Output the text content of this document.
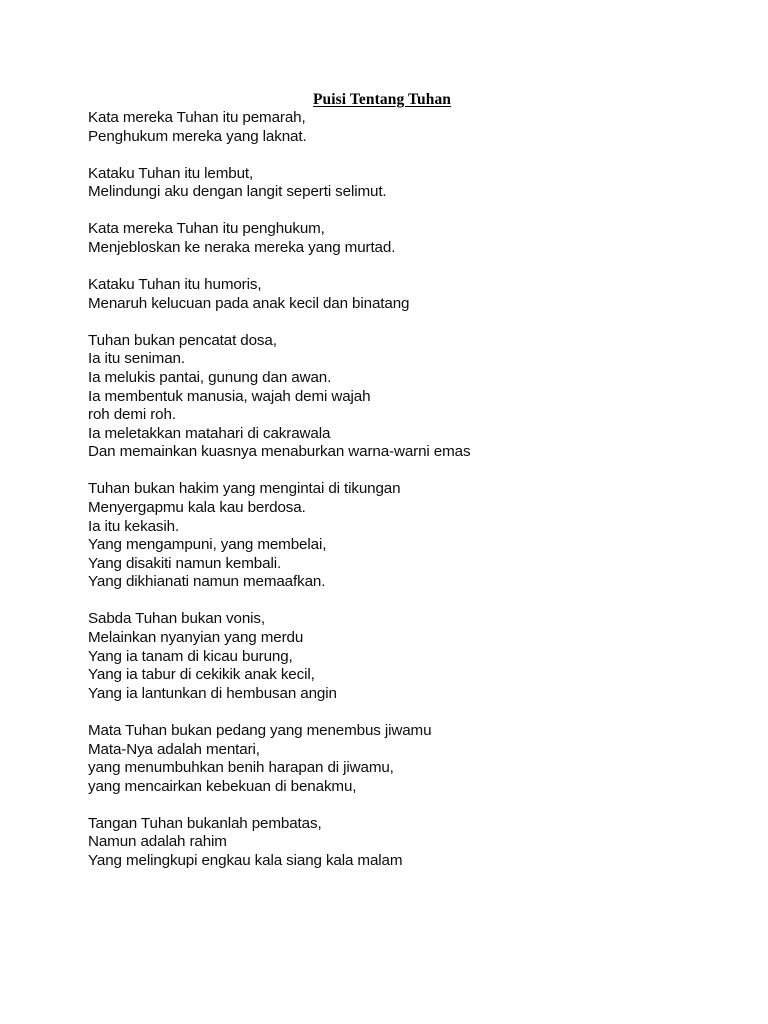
Puisi Tentang Tuhan
Kata mereka Tuhan itu pemarah,
Penghukum mereka yang laknat.
Kataku Tuhan itu lembut,
Melindungi aku dengan langit seperti selimut.
Kata mereka Tuhan itu penghukum,
Menjebloskan ke neraka mereka yang murtad.
Kataku Tuhan itu humoris,
Menaruh kelucuan pada anak kecil dan binatang
Tuhan bukan pencatat dosa,
Ia itu seniman.
Ia melukis pantai, gunung dan awan.
Ia membentuk manusia, wajah demi wajah
roh demi roh.
Ia meletakkan matahari di cakrawala
Dan memainkan kuasnya menaburkan warna-warni emas
Tuhan bukan hakim yang mengintai di tikungan
Menyergapmu kala kau berdosa.
Ia itu kekasih.
Yang mengampuni, yang membelai,
Yang disakiti namun kembali.
Yang dikhianati namun memaafkan.
Sabda Tuhan bukan vonis,
Melainkan nyanyian yang merdu
Yang ia tanam di kicau burung,
Yang ia tabur di cekikik anak kecil,
Yang ia lantunkan di hembusan angin
Mata Tuhan bukan pedang yang menembus jiwamu
Mata-Nya adalah mentari,
yang menumbuhkan benih harapan di jiwamu,
yang mencairkan kebekuan di benakmu,
Tangan Tuhan bukanlah pembatas,
Namun adalah rahim
Yang melingkupi engkau kala siang kala malam
